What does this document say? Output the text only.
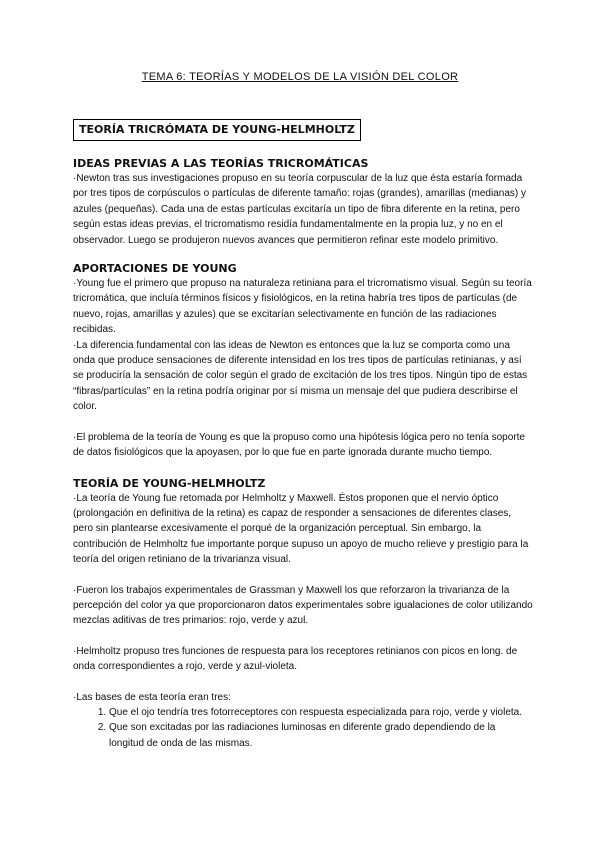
TEMA 6: TEORÍAS Y MODELOS DE LA VISIÓN DEL COLOR
TEORÍA TRICRÓMATA DE YOUNG-HELMHOLTZ
IDEAS PREVIAS A LAS TEORÍAS TRICROMÁTICAS

·Newton tras sus investigaciones propuso en su teoría corpuscular de la luz que ésta estaría formada por tres tipos de corpúsculos o partículas de diferente tamaño: rojas (grandes), amarillas (medianas) y azules (pequeñas). Cada una de estas partículas excitaría un tipo de fibra diferente en la retina, pero según estas ideas previas, el tricromatismo residía fundamentalmente en la propia luz, y no en el observador. Luego se produjeron nuevos avances que permitieron refinar este modelo primitivo.

APORTACIONES DE YOUNG

·Young fue el primero que propuso na naturaleza retiniana para el tricromatismo visual. Según su teoría tricromática, que incluía términos físicos y fisiológicos, en la retina habría tres tipos de partículas (de nuevo, rojas, amarillas y azules) que se excitarían selectivamente en función de las radiaciones recibidas.

·La diferencia fundamental con las ideas de Newton es entonces que la luz se comporta como una onda que produce sensaciones de diferente intensidad en los tres tipos de partículas retinianas, y así se produciría la sensación de color según el grado de excitación de los tres tipos. Ningún tipo de estas “fibras/partículas” en la retina podría originar por sí misma un mensaje del que pudiera describirse el color.

·El problema de la teoría de Young es que la propuso como una hipótesis lógica pero no tenía soporte de datos fisiológicos que la apoyasen, por lo que fue en parte ignorada durante mucho tiempo.

TEORÍA DE YOUNG-HELMHOLTZ

·La teoría de Young fue retomada por Helmholtz y Maxwell. Éstos proponen que el nervio óptico (prolongación en definitiva de la retina) es capaz de responder a sensaciones de diferentes clases, pero sin plantearse excesivamente el porqué de la organización perceptual. Sin embargo, la contribución de Helmholtz fue importante porque supuso un apoyo de mucho relieve y prestigio para la teoría del origen retiniano de la trivarianza visual.

·Fueron los trabajos experimentales de Grassman y Maxwell los que reforzaron la trivarianza de la percepción del color ya que proporcionaron datos experimentales sobre igualaciones de color utilizando mezclas aditivas de tres primarios: rojo, verde y azul.

·Helmholtz propuso tres funciones de respuesta para los receptores retinianos con picos en long. de onda correspondientes a rojo, verde y azul-violeta.

·Las bases de esta teoría eran tres:

1. Que el ojo tendría tres fotorreceptores con respuesta especializada para rojo, verde y violeta.
2. Que son excitadas por las radiaciones luminosas en diferente grado dependiendo de la longitud de onda de las mismas.
